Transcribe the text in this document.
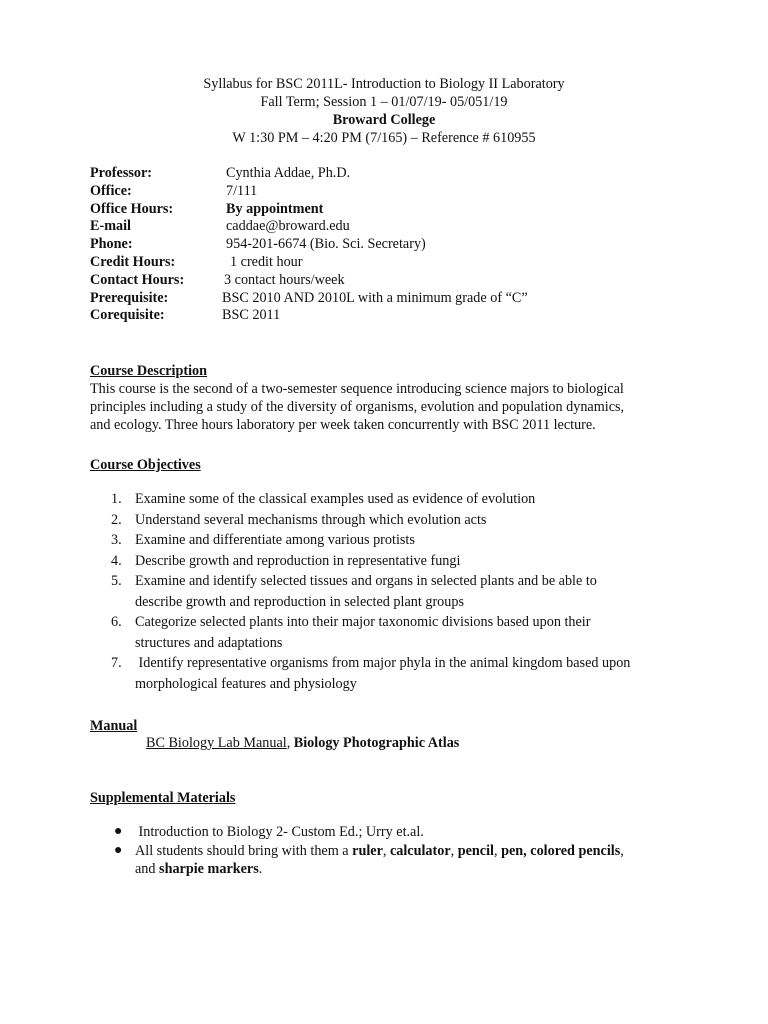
Syllabus for BSC 2011L- Introduction to Biology II Laboratory
Fall Term; Session 1 – 01/07/19- 05/051/19
Broward College
W 1:30 PM – 4:20 PM (7/165) – Reference # 610955
Professor:	Cynthia Addae, Ph.D.
Office:	7/111
Office Hours:	By appointment
E-mail	caddae@broward.edu
Phone:	954-201-6674 (Bio. Sci. Secretary)
Credit Hours:	1 credit hour
Contact Hours:	3 contact hours/week
Prerequisite:	BSC 2010 AND 2010L with a minimum grade of “C”
Corequisite:	BSC 2011
Course Description
This course is the second of a two-semester sequence introducing science majors to biological
principles including a study of the diversity of organisms, evolution and population dynamics,
and ecology. Three hours laboratory per week taken concurrently with BSC 2011 lecture.
Course Objectives
1. Examine some of the classical examples used as evidence of evolution
2. Understand several mechanisms through which evolution acts
3. Examine and differentiate among various protists
4. Describe growth and reproduction in representative fungi
5. Examine and identify selected tissues and organs in selected plants and be able to
describe growth and reproduction in selected plant groups
6. Categorize selected plants into their major taxonomic divisions based upon their
structures and adaptations
7. Identify representative organisms from major phyla in the animal kingdom based upon
morphological features and physiology
Manual
BC Biology Lab Manual, Biology Photographic Atlas
Supplemental Materials
● Introduction to Biology 2- Custom Ed.; Urry et.al.
● All students should bring with them a ruler, calculator, pencil, pen, colored pencils,
and sharpie markers.
